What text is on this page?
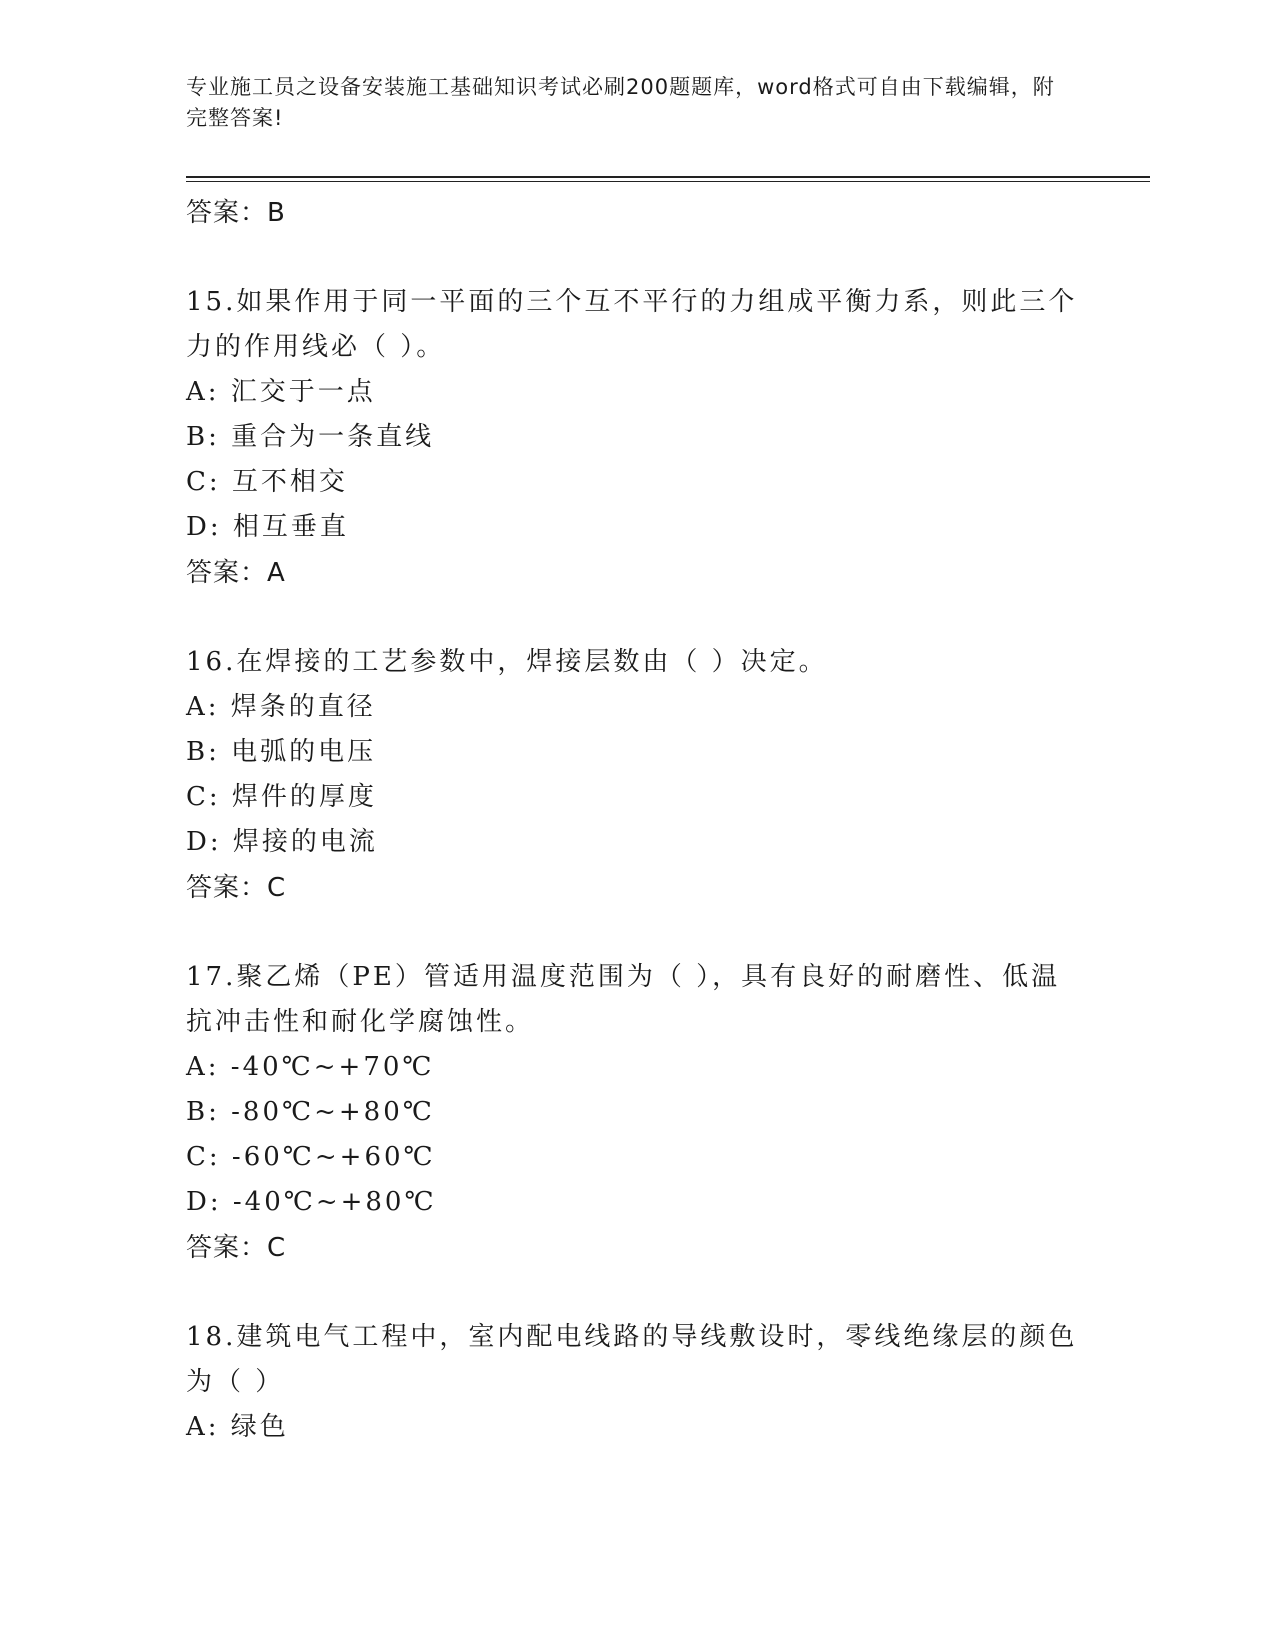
专业施工员之设备安装施工基础知识考试必刷200题题库，word格式可自由下载编辑，附完整答案!
答案：B
15.如果作用于同一平面的三个互不平行的力组成平衡力系，则此三个力的作用线必（ ）。
A: 汇交于一点
B: 重合为一条直线
C: 互不相交
D: 相互垂直
答案：A
16.在焊接的工艺参数中，焊接层数由（ ）决定。
A: 焊条的直径
B: 电弧的电压
C: 焊件的厚度
D: 焊接的电流
答案：C
17.聚乙烯（PE）管适用温度范围为（ ），具有良好的耐磨性、低温抗冲击性和耐化学腐蚀性。
A: -40℃~+70℃
B: -80℃~+80℃
C: -60℃~+60℃
D: -40℃~+80℃
答案：C
18.建筑电气工程中，室内配电线路的导线敷设时，零线绝缘层的颜色为（ ）
A: 绿色
